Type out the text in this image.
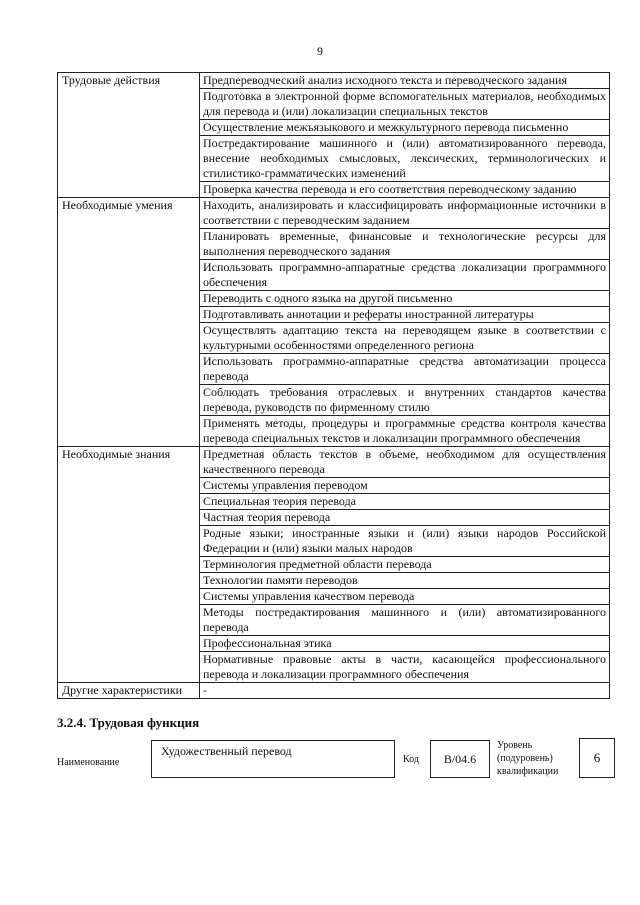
9
Трудовые действия	Предпереводческий анализ исходного текста и переводческого задания
	Подготовка в электронной форме вспомогательных материалов, необходимых для перевода и (или) локализации специальных текстов
	Осуществление межъязыкового и межкультурного перевода письменно
	Постредактирование машинного и (или) автоматизированного перевода, внесение необходимых смысловых, лексических, терминологических и стилистико-грамматических изменений
	Проверка качества перевода и его соответствия переводческому заданию
Необходимые умения	Находить, анализировать и классифицировать информационные источники в соответствии с переводческим заданием
	Планировать временные, финансовые и технологические ресурсы для выполнения переводческого задания
	Использовать программно-аппаратные средства локализации программного обеспечения
	Переводить с одного языка на другой письменно
	Подготавливать аннотации и рефераты иностранной литературы
	Осуществлять адаптацию текста на переводящем языке в соответствии с культурными особенностями определенного региона
	Использовать программно-аппаратные средства автоматизации процесса перевода
	Соблюдать требования отраслевых и внутренних стандартов качества перевода, руководств по фирменному стилю
	Применять методы, процедуры и программные средства контроля качества перевода специальных текстов и локализации программного обеспечения
Необходимые знания	Предметная область текстов в объеме, необходимом для осуществления качественного перевода
	Системы управления переводом
	Специальная теория перевода
	Частная теория перевода
	Родные языки; иностранные языки и (или) языки народов Российской Федерации и (или) языки малых народов
	Терминология предметной области перевода
	Технологии памяти переводов
	Системы управления качеством перевода
	Методы постредактирования машинного и (или) автоматизированного перевода
	Профессиональная этика
	Нормативные правовые акты в части, касающейся профессионального перевода и локализации программного обеспечения
Другие характеристики	-
3.2.4. Трудовая функция
Наименование
Художественный перевод
Код	B/04.6
Уровень
(подуровень)
квалификации
6
